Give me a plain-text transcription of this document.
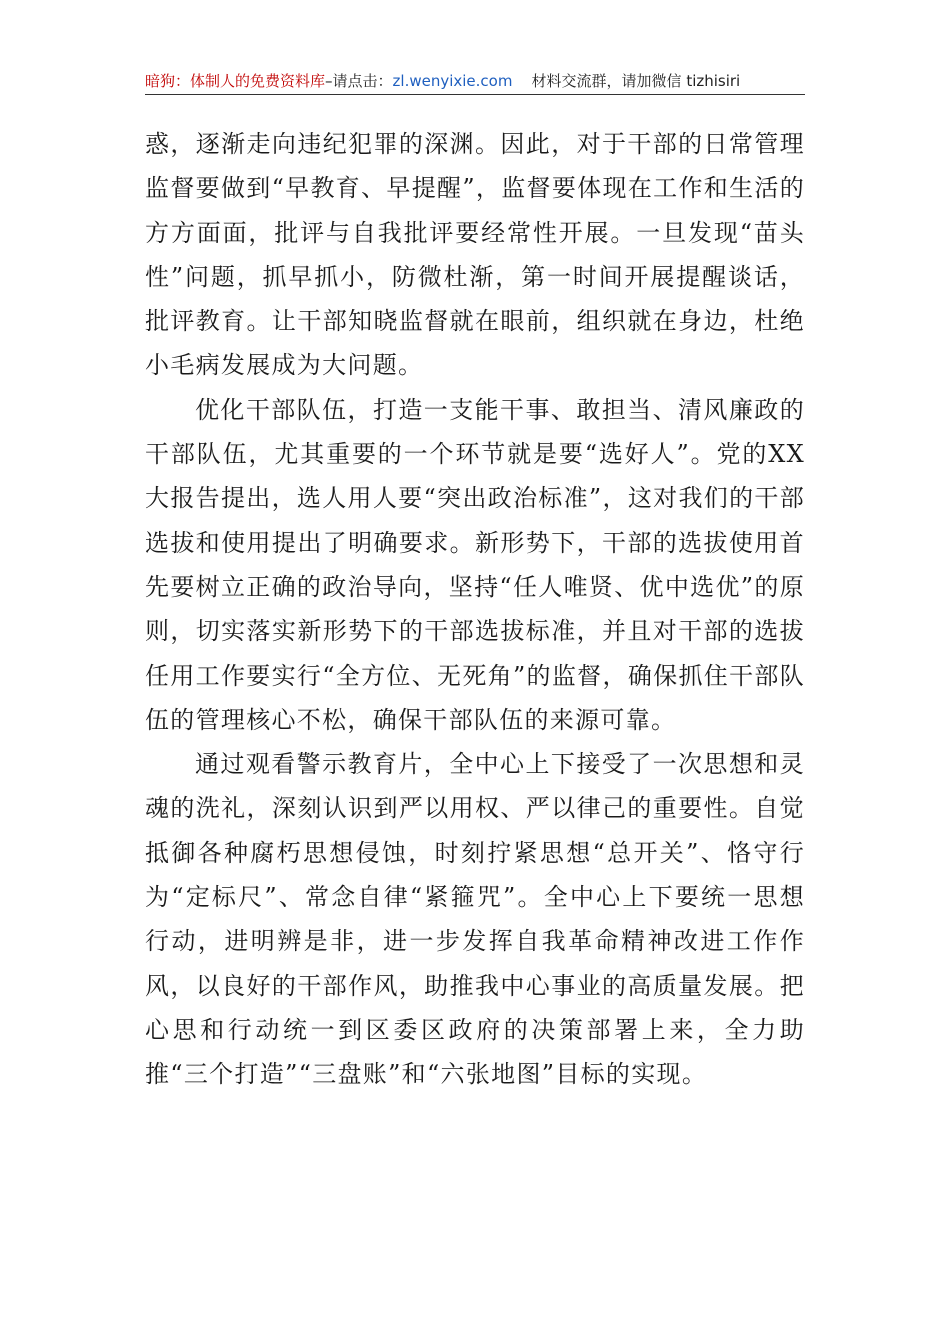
暗狗：体制人的免费资料库–请点击：zl.wenyixie.com 材料交流群，请加微信 tizhisiri

惑，逐渐走向违纪犯罪的深渊。因此，对于干部的日常管理监督要做到“早教育、早提醒”，监督要体现在工作和生活的方方面面，批评与自我批评要经常性开展。一旦发现“苗头性”问题，抓早抓小，防微杜渐，第一时间开展提醒谈话，批评教育。让干部知晓监督就在眼前，组织就在身边，杜绝小毛病发展成为大问题。

优化干部队伍，打造一支能干事、敢担当、清风廉政的干部队伍，尤其重要的一个环节就是要“选好人”。党的XX大报告提出，选人用人要“突出政治标准”，这对我们的干部选拔和使用提出了明确要求。新形势下，干部的选拔使用首先要树立正确的政治导向，坚持“任人唯贤、优中选优”的原则，切实落实新形势下的干部选拔标准，并且对干部的选拔任用工作要实行“全方位、无死角”的监督，确保抓住干部队伍的管理核心不松，确保干部队伍的来源可靠。

通过观看警示教育片，全中心上下接受了一次思想和灵魂的洗礼，深刻认识到严以用权、严以律己的重要性。自觉抵御各种腐朽思想侵蚀，时刻拧紧思想“总开关”、恪守行为“定标尺”、常念自律“紧箍咒”。全中心上下要统一思想行动，进明辨是非，进一步发挥自我革命精神改进工作作风，以良好的干部作风，助推我中心事业的高质量发展。把心思和行动统一到区委区政府的决策部署上来，全力助推“三个打造”“三盘账”和“六张地图”目标的实现。
